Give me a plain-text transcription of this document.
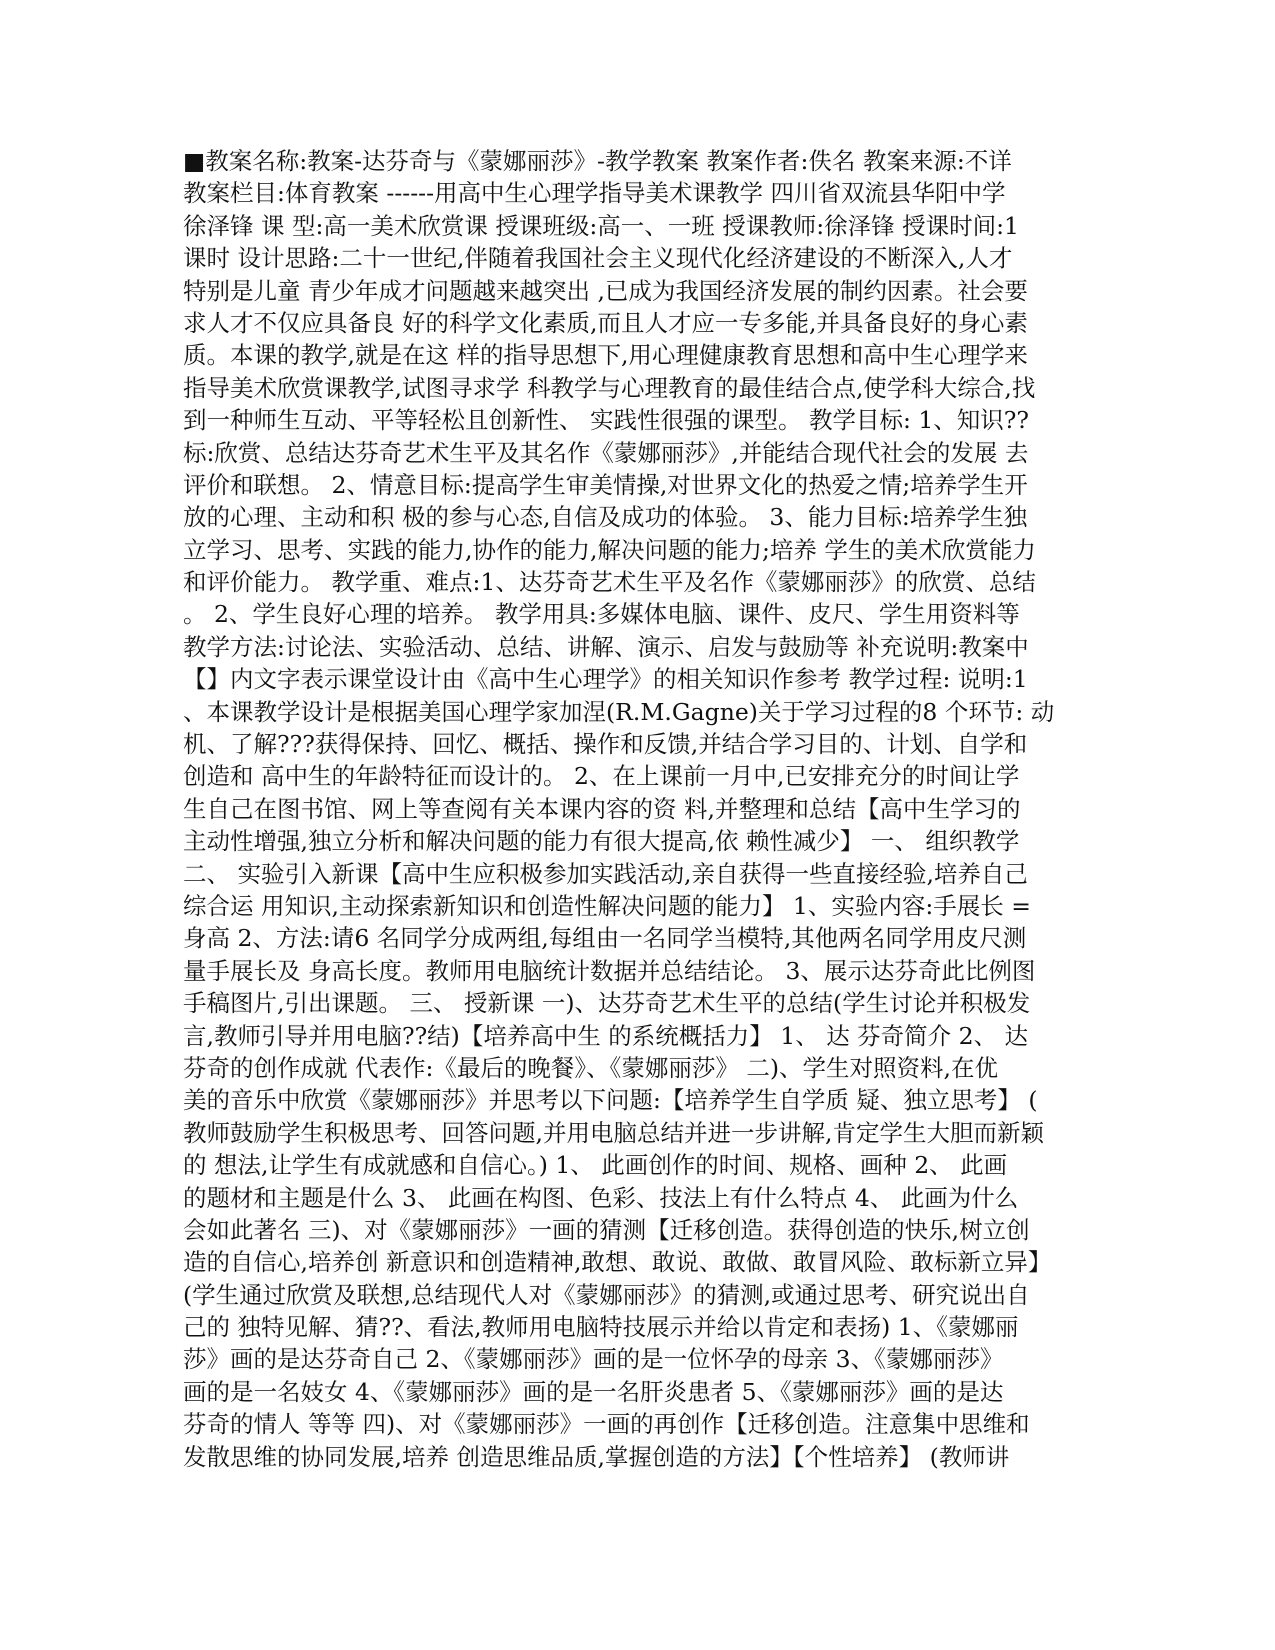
■教案名称:教案-达芬奇与《蒙娜丽莎》-教学教案 教案作者:佚名 教案来源:不详
教案栏目:体育教案 ------用高中生心理学指导美术课教学 四川省双流县华阳中学
徐泽锋 课 型:高一美术欣赏课 授课班级:高一、一班 授课教师:徐泽锋 授课时间:1
课时 设计思路:二十一世纪,伴随着我国社会主义现代化经济建设的不断深入,人才
特别是儿童 青少年成才问题越来越突出 ,已成为我国经济发展的制约因素。社会要
求人才不仅应具备良 好的科学文化素质,而且人才应一专多能,并具备良好的身心素
质。本课的教学,就是在这 样的指导思想下,用心理健康教育思想和高中生心理学来
指导美术欣赏课教学,试图寻求学 科教学与心理教育的最佳结合点,使学科大综合,找
到一种师生互动、平等轻松且创新性、 实践性很强的课型。 教学目标: 1、知识??
标:欣赏、总结达芬奇艺术生平及其名作《蒙娜丽莎》,并能结合现代社会的发展 去
评价和联想。 2、情意目标:提高学生审美情操,对世界文化的热爱之情;培养学生开
放的心理、主动和积 极的参与心态,自信及成功的体验。 3、能力目标:培养学生独
立学习、思考、实践的能力,协作的能力,解决问题的能力;培养 学生的美术欣赏能力
和评价能力。 教学重、难点:1、达芬奇艺术生平及名作《蒙娜丽莎》的欣赏、总结
。 2、学生良好心理的培养。 教学用具:多媒体电脑、课件、皮尺、学生用资料等
教学方法:讨论法、实验活动、总结、讲解、演示、启发与鼓励等 补充说明:教案中
【】内文字表示课堂设计由《高中生心理学》的相关知识作参考 教学过程: 说明:1
、本课教学设计是根据美国心理学家加涅(R.M.Gagne)关于学习过程的8 个环节: 动
机、了解???获得保持、回忆、概括、操作和反馈,并结合学习目的、计划、自学和
创造和 高中生的年龄特征而设计的。 2、在上课前一月中,已安排充分的时间让学
生自己在图书馆、网上等查阅有关本课内容的资 料,并整理和总结【高中生学习的
主动性增强,独立分析和解决问题的能力有很大提高,依 赖性减少】 一、 组织教学
二、 实验引入新课【高中生应积极参加实践活动,亲自获得一些直接经验,培养自己
综合运 用知识,主动探索新知识和创造性解决问题的能力】 1、实验内容:手展长 =
身高 2、方法:请6 名同学分成两组,每组由一名同学当模特,其他两名同学用皮尺测
量手展长及 身高长度。教师用电脑统计数据并总结结论。 3、展示达芬奇此比例图
手稿图片,引出课题。 三、 授新课 一)、达芬奇艺术生平的总结(学生讨论并积极发
言,教师引导并用电脑??结)【培养高中生 的系统概括力】 1、 达 芬奇简介 2、 达
芬奇的创作成就 代表作:《最后的晚餐》、《蒙娜丽莎》 二)、学生对照资料,在优
美的音乐中欣赏《蒙娜丽莎》并思考以下问题:【培养学生自学质 疑、独立思考】 (
教师鼓励学生积极思考、回答问题,并用电脑总结并进一步讲解,肯定学生大胆而新颖
的 想法,让学生有成就感和自信心。) 1、 此画创作的时间、规格、画种 2、 此画
的题材和主题是什么 3、 此画在构图、色彩、技法上有什么特点 4、 此画为什么
会如此著名 三)、对《蒙娜丽莎》一画的猜测【迁移创造。获得创造的快乐,树立创
造的自信心,培养创 新意识和创造精神,敢想、敢说、敢做、敢冒风险、敢标新立异】
(学生通过欣赏及联想,总结现代人对《蒙娜丽莎》的猜测,或通过思考、研究说出自
己的 独特见解、猜??、看法,教师用电脑特技展示并给以肯定和表扬) 1、《蒙娜丽
莎》画的是达芬奇自己 2、《蒙娜丽莎》画的是一位怀孕的母亲 3、《蒙娜丽莎》
画的是一名妓女 4、《蒙娜丽莎》画的是一名肝炎患者 5、《蒙娜丽莎》画的是达
芬奇的情人 等等 四)、对《蒙娜丽莎》一画的再创作【迁移创造。注意集中思维和
发散思维的协同发展,培养 创造思维品质,掌握创造的方法】【个性培养】 (教师讲
